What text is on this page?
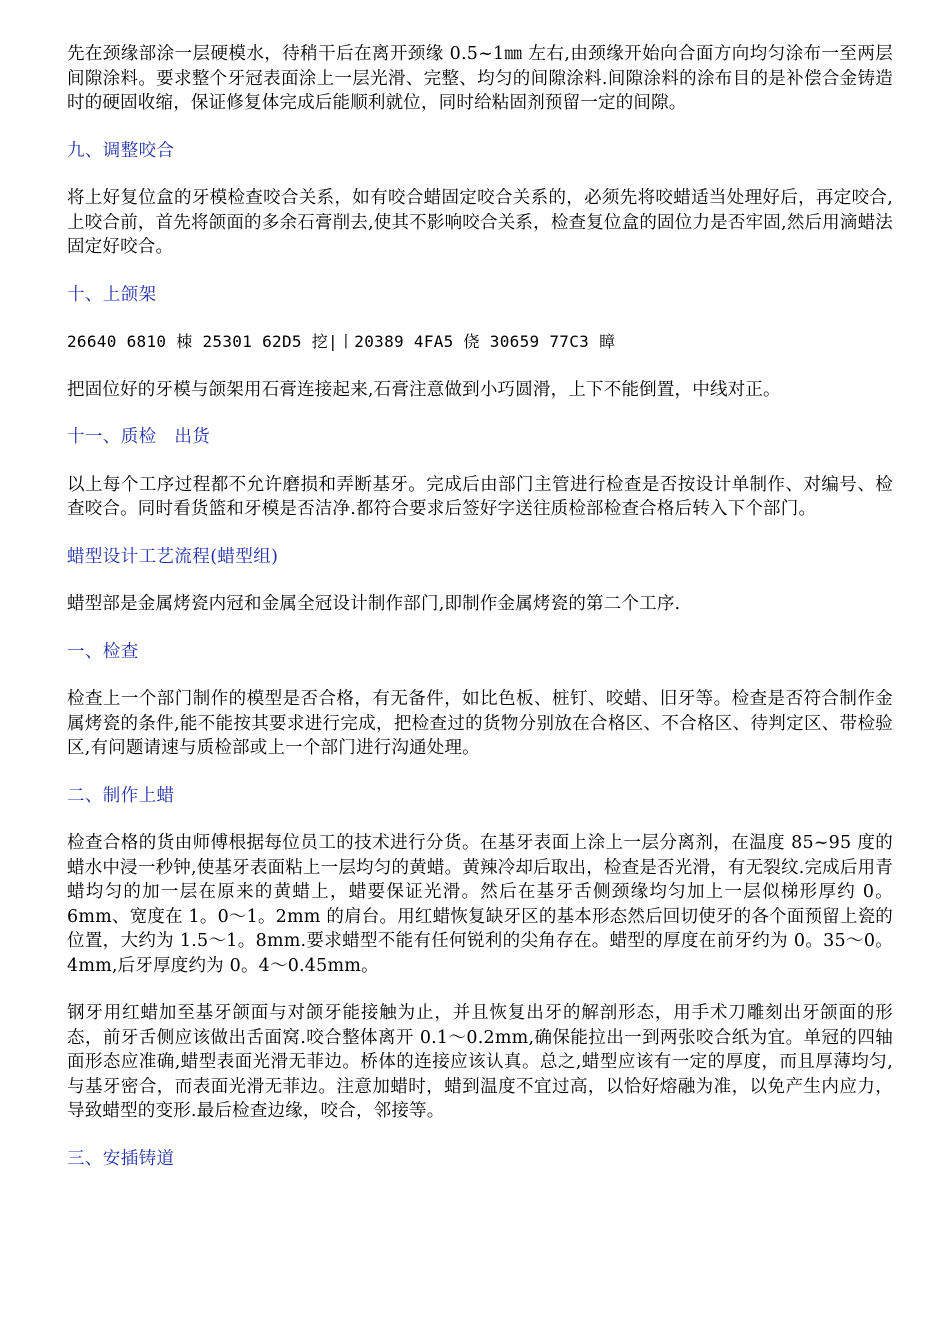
先在颈缘部涂一层硬模水，待稍干后在离开颈缘 0.5~1㎜ 左右,由颈缘开始向合面方向均匀涂布一至两层间隙涂料。要求整个牙冠表面涂上一层光滑、完整、均匀的间隙涂料.间隙涂料的涂布目的是补偿合金铸造时的硬固收缩，保证修复体完成后能顺利就位，同时给粘固剂预留一定的间隙。

九、调整咬合

将上好复位盒的牙模检查咬合关系，如有咬合蜡固定咬合关系的，必须先将咬蜡适当处理好后，再定咬合,上咬合前，首先将颌面的多余石膏削去,使其不影响咬合关系，检查复位盒的固位力是否牢固,然后用滴蜡法固定好咬合。

十、上颌架

26640 6810 栜 25301 62D5 挖|丨20389 4FA5 侥 30659 77C3 瞕

把固位好的牙模与颌架用石膏连接起来,石膏注意做到小巧圆滑，上下不能倒置，中线对正。

十一、质检　出货

以上每个工序过程都不允许磨损和弄断基牙。完成后由部门主管进行检查是否按设计单制作、对编号、检查咬合。同时看货篮和牙模是否洁净.都符合要求后签好字送往质检部检查合格后转入下个部门。

蜡型设计工艺流程(蜡型组)

蜡型部是金属烤瓷内冠和金属全冠设计制作部门,即制作金属烤瓷的第二个工序.

一、检查

检查上一个部门制作的模型是否合格，有无备件，如比色板、桩钉、咬蜡、旧牙等。检查是否符合制作金属烤瓷的条件,能不能按其要求进行完成，把检查过的货物分别放在合格区、不合格区、待判定区、带检验区,有问题请速与质检部或上一个部门进行沟通处理。

二、制作上蜡

检查合格的货由师傅根据每位员工的技术进行分货。在基牙表面上涂上一层分离剂，在温度 85~95 度的蜡水中浸一秒钟,使基牙表面粘上一层均匀的黄蜡。黄辣冷却后取出，检查是否光滑，有无裂纹.完成后用青蜡均匀的加一层在原来的黄蜡上，蜡要保证光滑。然后在基牙舌侧颈缘均匀加上一层似梯形厚约 0。6mm、宽度在 1。0～1。2mm 的肩台。用红蜡恢复缺牙区的基本形态然后回切使牙的各个面预留上瓷的位置，大约为 1.5～1。8mm.要求蜡型不能有任何锐利的尖角存在。蜡型的厚度在前牙约为 0。35～0。4mm,后牙厚度约为 0。4～0.45mm。

钢牙用红蜡加至基牙颌面与对颌牙能接触为止，并且恢复出牙的解剖形态，用手术刀雕刻出牙颌面的形态，前牙舌侧应该做出舌面窝.咬合整体离开 0.1～0.2mm,确保能拉出一到两张咬合纸为宜。单冠的四轴面形态应准确,蜡型表面光滑无菲边。桥体的连接应该认真。总之,蜡型应该有一定的厚度，而且厚薄均匀,与基牙密合，而表面光滑无菲边。注意加蜡时，蜡到温度不宜过高，以恰好熔融为准，以免产生内应力，导致蜡型的变形.最后检查边缘，咬合，邻接等。

三、安插铸道
